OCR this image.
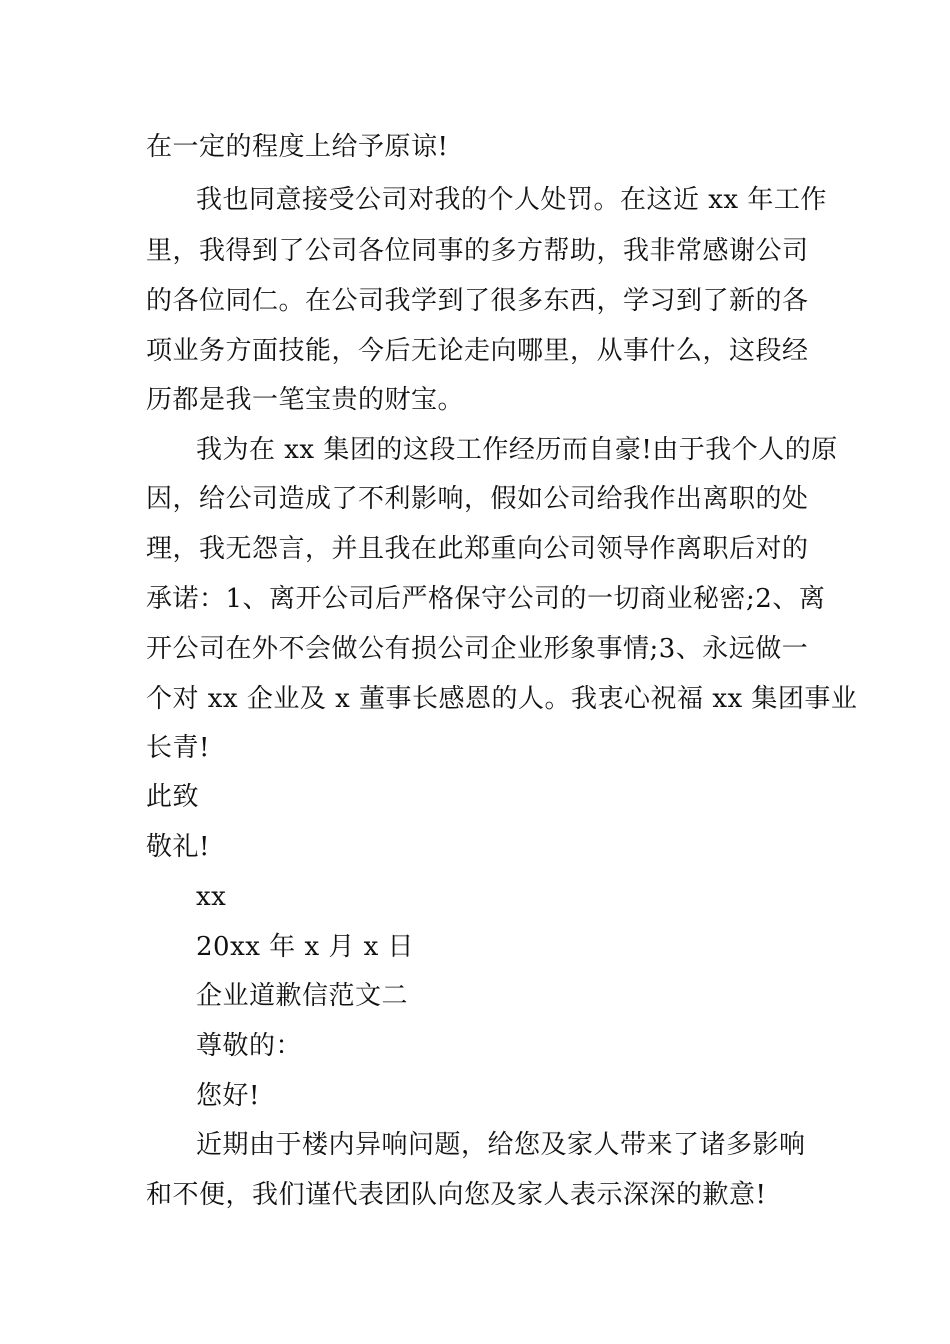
在一定的程度上给予原谅!
我也同意接受公司对我的个人处罚。在这近 xx 年工作
里，我得到了公司各位同事的多方帮助，我非常感谢公司
的各位同仁。在公司我学到了很多东西，学习到了新的各
项业务方面技能，今后无论走向哪里，从事什么，这段经
历都是我一笔宝贵的财宝。
我为在 xx 集团的这段工作经历而自豪!由于我个人的原
因，给公司造成了不利影响，假如公司给我作出离职的处
理，我无怨言，并且我在此郑重向公司领导作离职后对的
承诺：1、离开公司后严格保守公司的一切商业秘密;2、离
开公司在外不会做公有损公司企业形象事情;3、永远做一
个对 xx 企业及 x 董事长感恩的人。我衷心祝福 xx 集团事业
长青!
此致
敬礼!
xx
20xx 年 x 月 x 日
企业道歉信范文二
尊敬的：
您好!
近期由于楼内异响问题，给您及家人带来了诸多影响
和不便，我们谨代表团队向您及家人表示深深的歉意!
